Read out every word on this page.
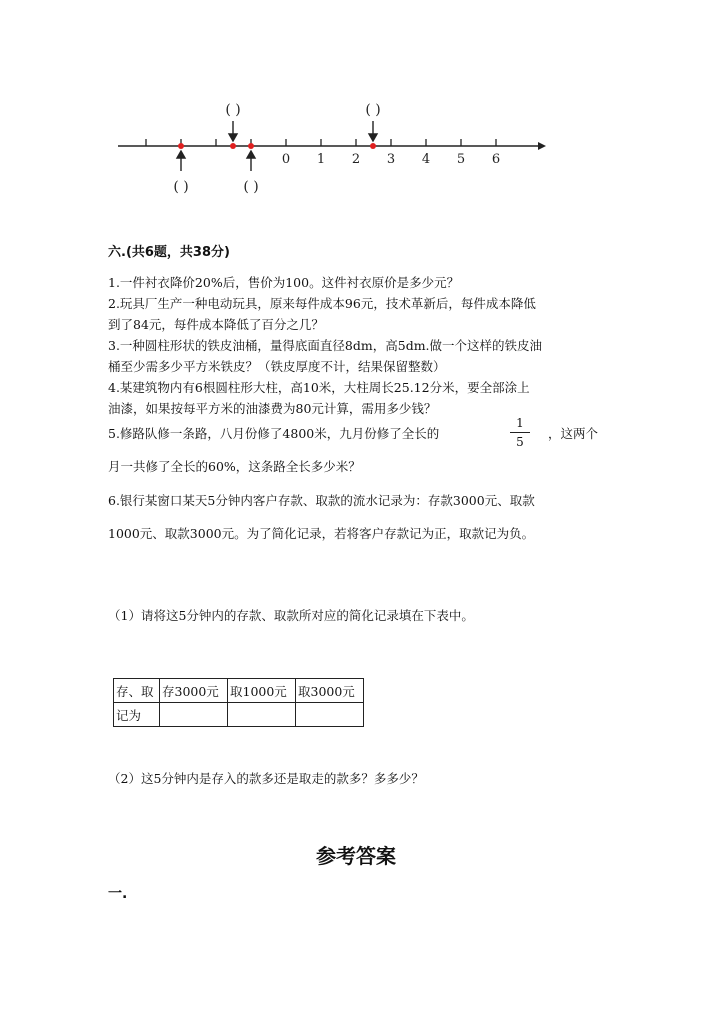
0 1 2 3 4 5 6
( )	( )
( )	( )
六.(共6题，共38分)
1.一件衬衣降价20%后，售价为100。这件衬衣原价是多少元？
2.玩具厂生产一种电动玩具，原来每件成本96元，技术革新后，每件成本降低
到了84元，每件成本降低了百分之几？
3.一种圆柱形状的铁皮油桶，量得底面直径8dm，高5dm.做一个这样的铁皮油
桶至少需多少平方米铁皮？（铁皮厚度不计，结果保留整数）
4.某建筑物内有6根圆柱形大柱，高10米，大柱周长25.12分米，要全部涂上
油漆，如果按每平方米的油漆费为80元计算，需用多少钱？
5.修路队修一条路，八月份修了4800米，九月份修了全长的
1
5
，这两个
月一共修了全长的60%，这条路全长多少米？
6.银行某窗口某天5分钟内客户存款、取款的流水记录为：存款3000元、取款
1000元、取款3000元。为了简化记录，若将客户存款记为正，取款记为负。
（1）请将这5分钟内的存款、取款所对应的简化记录填在下表中。
存、取	存3000元	取1000元	取3000元
记为			
（2）这5分钟内是存入的款多还是取走的款多？多多少？
参考答案
一.
